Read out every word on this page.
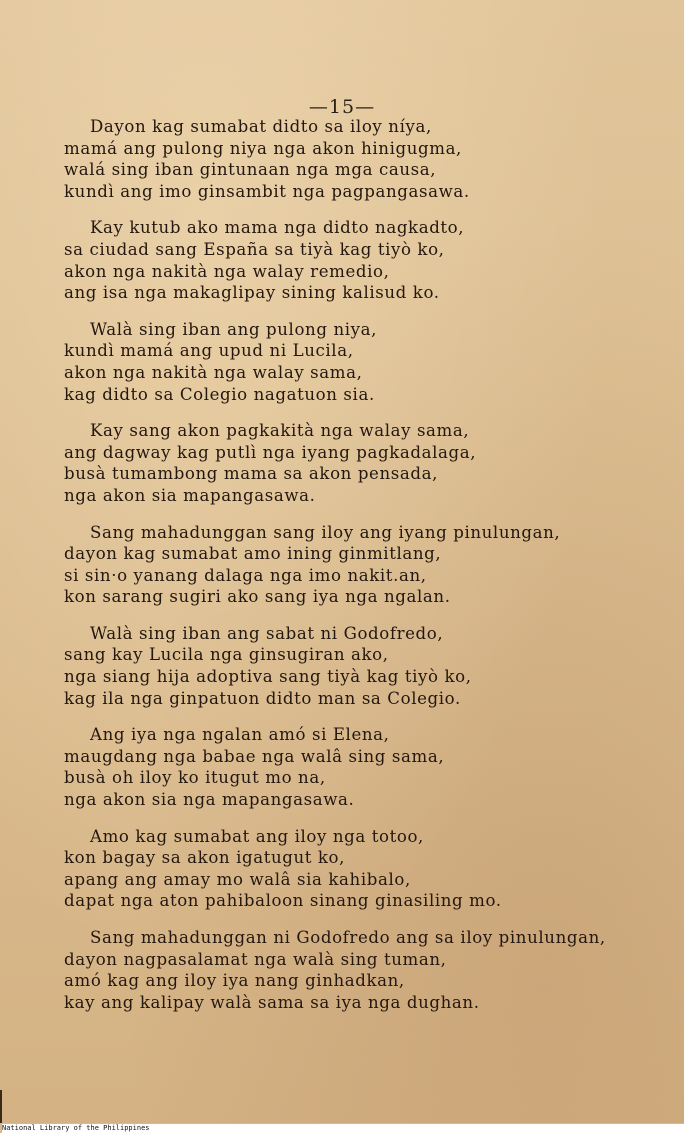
—15—
Dayon kag sumabat didto sa iloy níya,
mamá ang pulong niya nga akon hinigugma,
walá sing iban gintunaan nga mga causa,
kundì ang imo ginsambit nga pagpangasawa.
Kay kutub ako mama nga didto nagkadto,
sa ciudad sang España sa tiyà kag tiyò ko,
akon nga nakità nga walay remedio,
ang isa nga makaglipay sining kalisud ko.
Walà sing iban ang pulong niya,
kundì mamá ang upud ni Lucila,
akon nga nakità nga walay sama,
kag didto sa Colegio nagatuon sia.
Kay sang akon pagkakità nga walay sama,
ang dagway kag putlì nga iyang pagkadalaga,
busà tumambong mama sa akon pensada,
nga akon sia mapangasawa.
Sang mahadunggan sang iloy ang iyang pinulungan,
dayon kag sumabat amo ining ginmitlang,
si sin·o yanang dalaga nga imo nakit.an,
kon sarang sugiri ako sang iya nga ngalan.
Walà sing iban ang sabat ni Godofredo,
sang kay Lucila nga ginsugiran ako,
nga siang hija adoptiva sang tiyà kag tiyò ko,
kag ila nga ginpatuon didto man sa Colegio.
Ang iya nga ngalan amó si Elena,
maugdang nga babae nga walâ sing sama,
busà oh iloy ko itugut mo na,
nga akon sia nga mapangasawa.
Amo kag sumabat ang iloy nga totoo,
kon bagay sa akon igatugut ko,
apang ang amay mo walâ sia kahibalo,
dapat nga aton pahibaloon sinang ginasiling mo.
Sang mahadunggan ni Godofredo ang sa iloy pinulungan,
dayon nagpasalamat nga walà sing tuman,
amó kag ang iloy iya nang ginhadkan,
kay ang kalipay walà sama sa iya nga dughan.
National Library of the Philippines
